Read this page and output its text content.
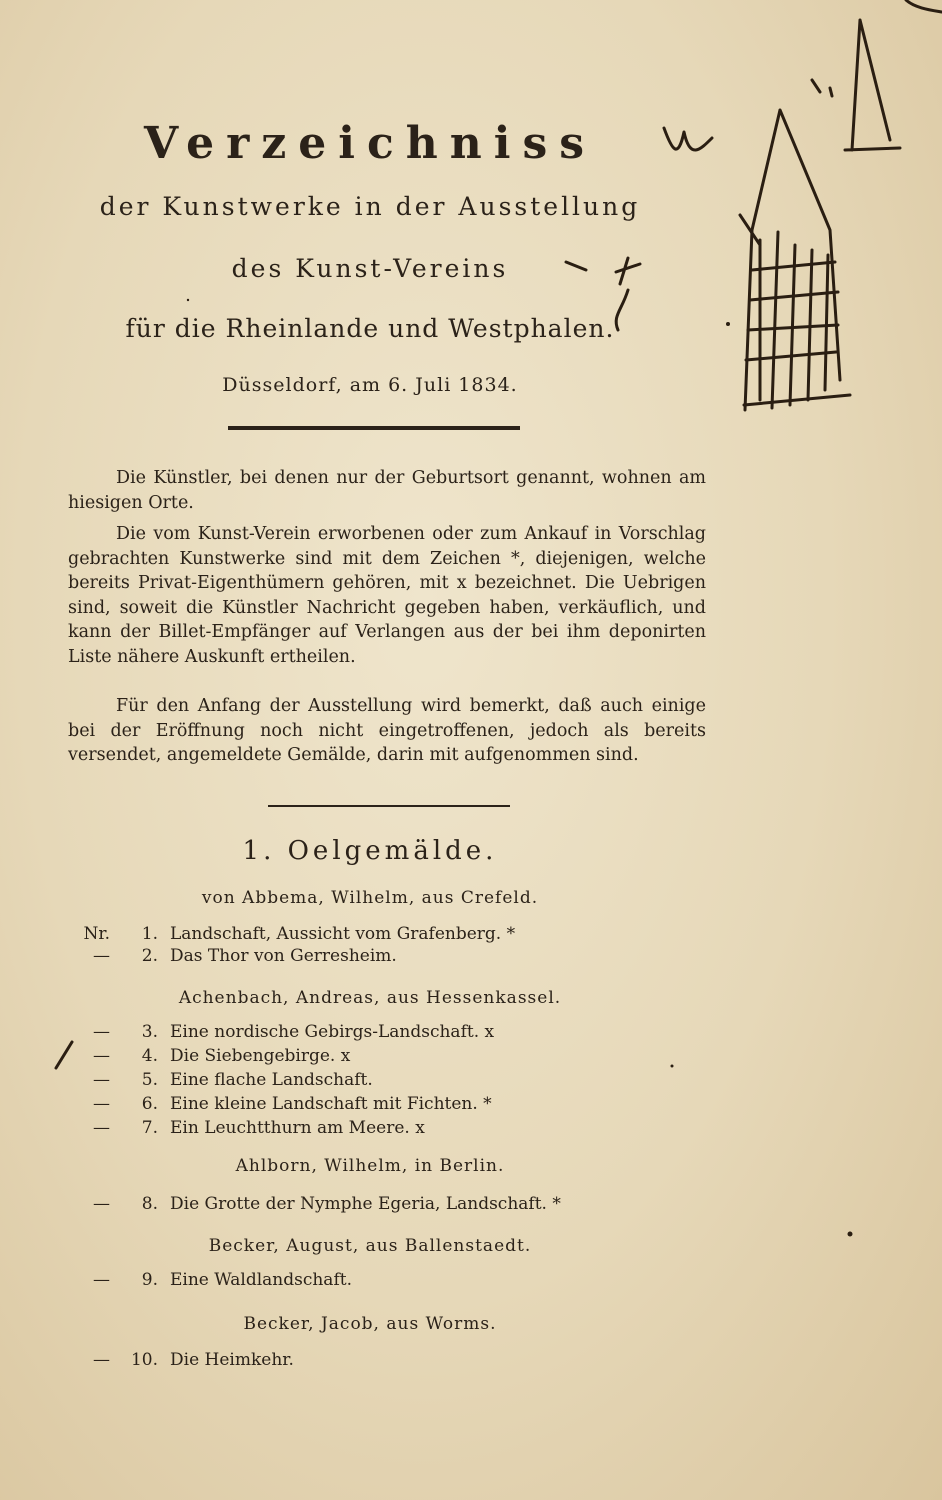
Verzeichniss
der Kunstwerke in der Ausstellung
des Kunst-Vereins
für die Rheinlande und Westphalen.
Düsseldorf, am 6. Juli 1834.
Die Künstler, bei denen nur der Geburtsort genannt, wohnen am hiesigen Orte.
Die vom Kunst-Verein erworbenen oder zum Ankauf in Vorschlag gebrachten Kunstwerke sind mit dem Zeichen *, diejenigen, welche bereits Privat-Eigenthümern gehören, mit x bezeichnet. Die Uebrigen sind, soweit die Künstler Nachricht gegeben haben, verkäuflich, und kann der Billet-Empfänger auf Verlangen aus der bei ihm deponirten Liste nähere Auskunft ertheilen.
Für den Anfang der Ausstellung wird bemerkt, daß auch einige bei der Eröffnung noch nicht eingetroffenen, jedoch als bereits versendet, angemeldete Gemälde, darin mit aufgenommen sind.
1. Oelgemälde.
von Abbema, Wilhelm, aus Crefeld.
Nr. 1. Landschaft, Aussicht vom Grafenberg. *
— 2. Das Thor von Gerresheim.
Achenbach, Andreas, aus Hessenkassel.
— 3. Eine nordische Gebirgs-Landschaft. x
— 4. Die Siebengebirge. x
— 5. Eine flache Landschaft.
— 6. Eine kleine Landschaft mit Fichten. *
— 7. Ein Leuchtthurn am Meere. x
Ahlborn, Wilhelm, in Berlin.
— 8. Die Grotte der Nymphe Egeria, Landschaft. *
Becker, August, aus Ballenstaedt.
— 9. Eine Waldlandschaft.
Becker, Jacob, aus Worms.
— 10. Die Heimkehr.
